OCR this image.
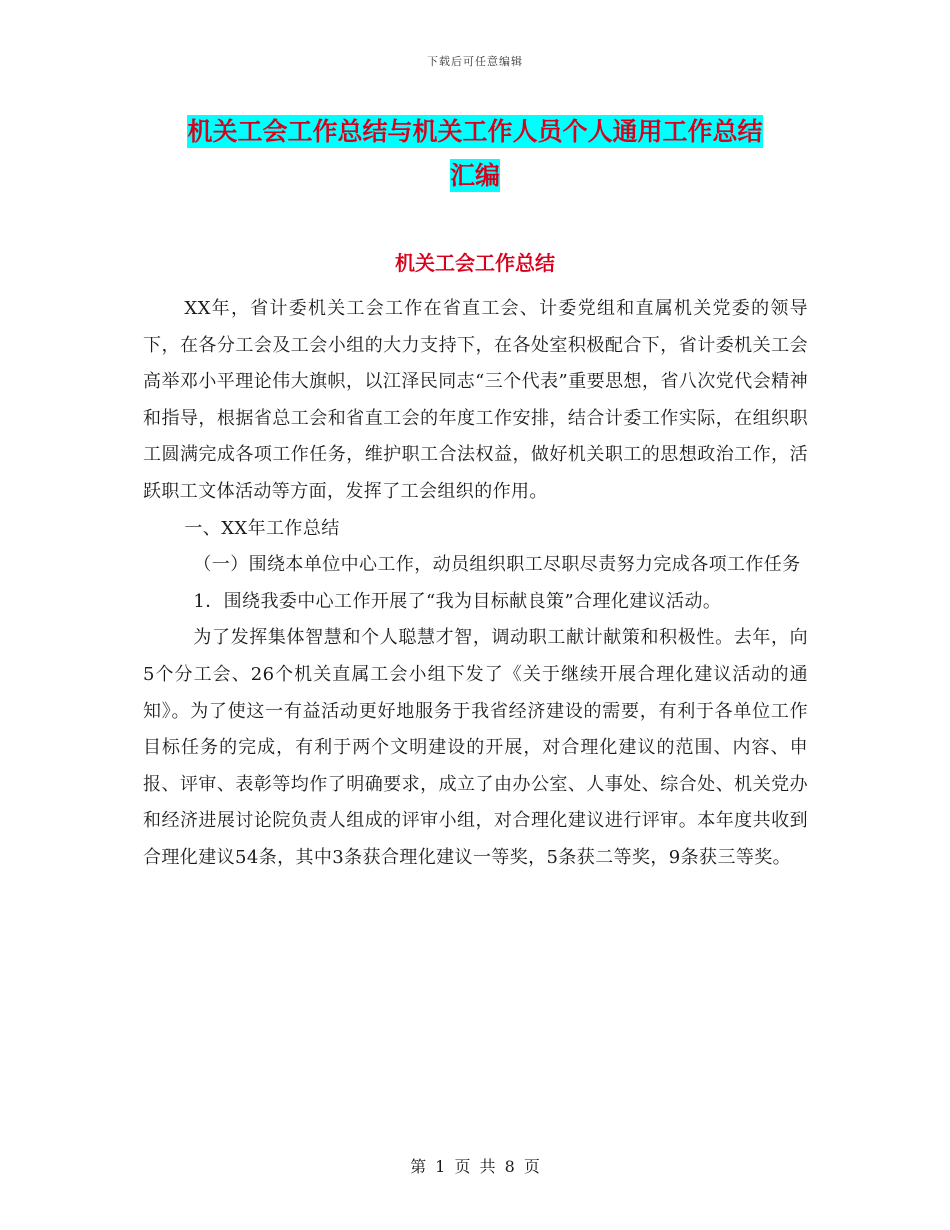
下载后可任意编辑
机关工会工作总结与机关工作人员个人通用工作总结
汇编
机关工会工作总结

XX年，省计委机关工会工作在省直工会、计委党组和直属机关党委的领导下，在各分工会及工会小组的大力支持下，在各处室积极配合下，省计委机关工会高举邓小平理论伟大旗帜，以江泽民同志“三个代表”重要思想，省八次党代会精神和指导，根据省总工会和省直工会的年度工作安排，结合计委工作实际，在组织职工圆满完成各项工作任务，维护职工合法权益，做好机关职工的思想政治工作，活跃职工文体活动等方面，发挥了工会组织的作用。

一、XX年工作总结

（一）围绕本单位中心工作，动员组织职工尽职尽责努力完成各项工作任务

1．围绕我委中心工作开展了“我为目标献良策”合理化建议活动。

为了发挥集体智慧和个人聪慧才智，调动职工献计献策和积极性。去年，向5个分工会、26个机关直属工会小组下发了《关于继续开展合理化建议活动的通知》。为了使这一有益活动更好地服务于我省经济建设的需要，有利于各单位工作目标任务的完成，有利于两个文明建设的开展，对合理化建议的范围、内容、申报、评审、表彰等均作了明确要求，成立了由办公室、人事处、综合处、机关党办和经济进展讨论院负责人组成的评审小组，对合理化建议进行评审。本年度共收到合理化建议54条，其中3条获合理化建议一等奖，5条获二等奖，9条获三等奖。

第 1 页 共 8 页
